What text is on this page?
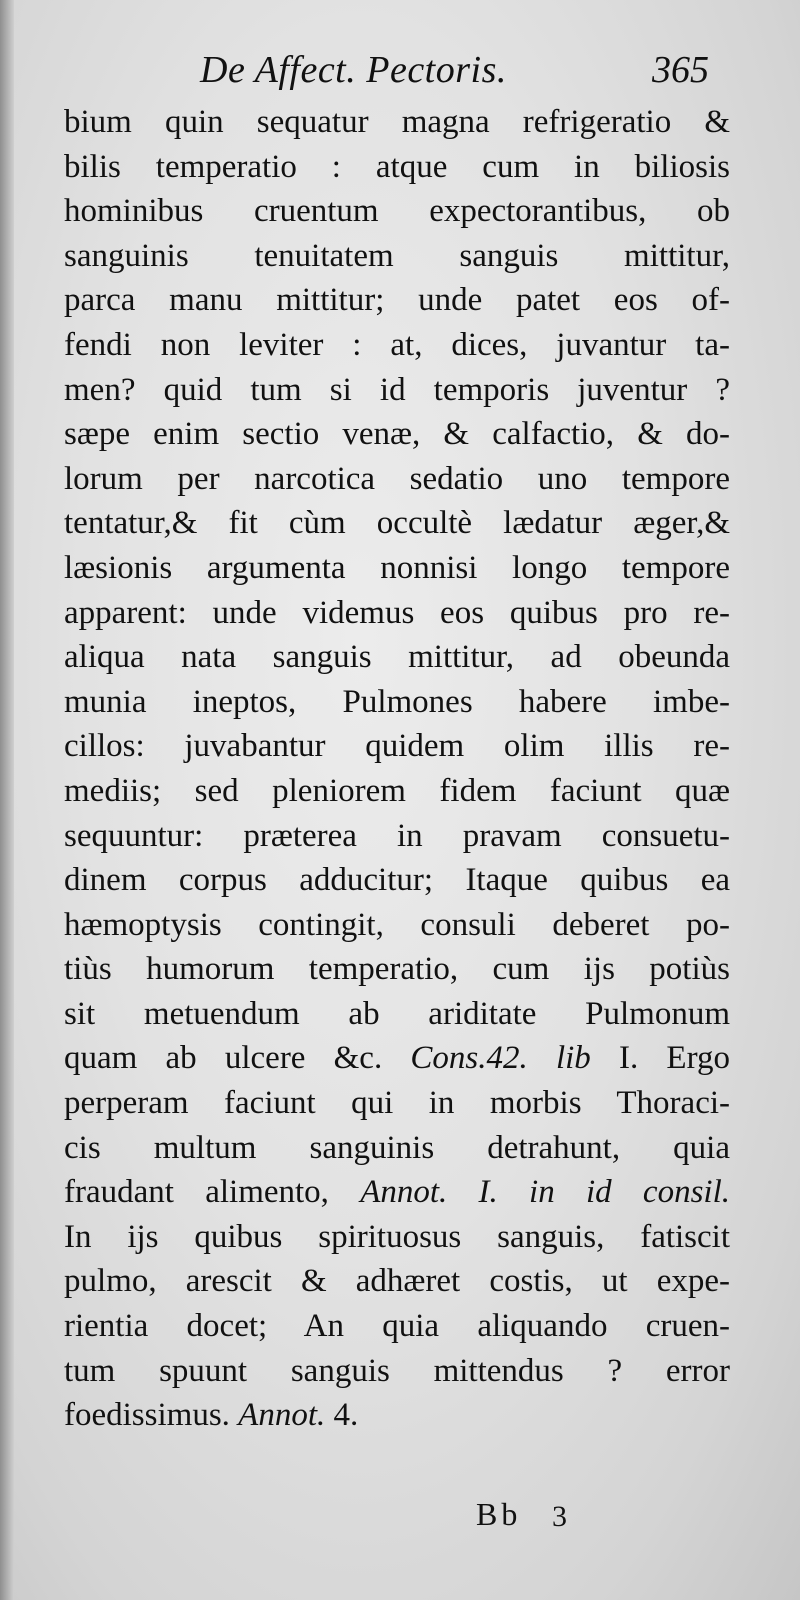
De Affect. Pectoris.	365
bium quin sequatur magna refrigeratio &
bilis temperatio : atque cum in biliosis
hominibus cruentum expectorantibus, ob
sanguinis tenuitatem sanguis mittitur,
parca manu mittitur; unde patet eos of-
fendi non leviter : at, dices, juvantur ta-
men? quid tum si id temporis juventur ?
sæpe enim sectio venæ, & calfactio, & do-
lorum per narcotica sedatio uno tempore
tentatur,& fit cùm occultè lædatur æger,&
læsionis argumenta nonnisi longo tempore
apparent: unde videmus eos quibus pro re-
aliqua nata sanguis mittitur, ad obeunda
munia ineptos, Pulmones habere imbe-
cillos: juvabantur quidem olim illis re-
mediis; sed pleniorem fidem faciunt quæ
sequuntur: præterea in pravam consuetu-
dinem corpus adducitur; Itaque quibus ea
hæmoptysis contingit, consuli deberet po-
tiùs humorum temperatio, cum ijs potiùs
sit metuendum ab ariditate Pulmonum
quam ab ulcere &c. Cons.42. lib I. Ergo
perperam faciunt qui in morbis Thoraci-
cis multum sanguinis detrahunt, quia
fraudant alimento, Annot. I. in id consil.
In ijs quibus spirituosus sanguis, fatiscit
pulmo, arescit & adhæret costis, ut expe-
rientia docet; An quia aliquando cruen-
tum spuunt sanguis mittendus ? error
foedissimus. Annot. 4.
Bb 3
